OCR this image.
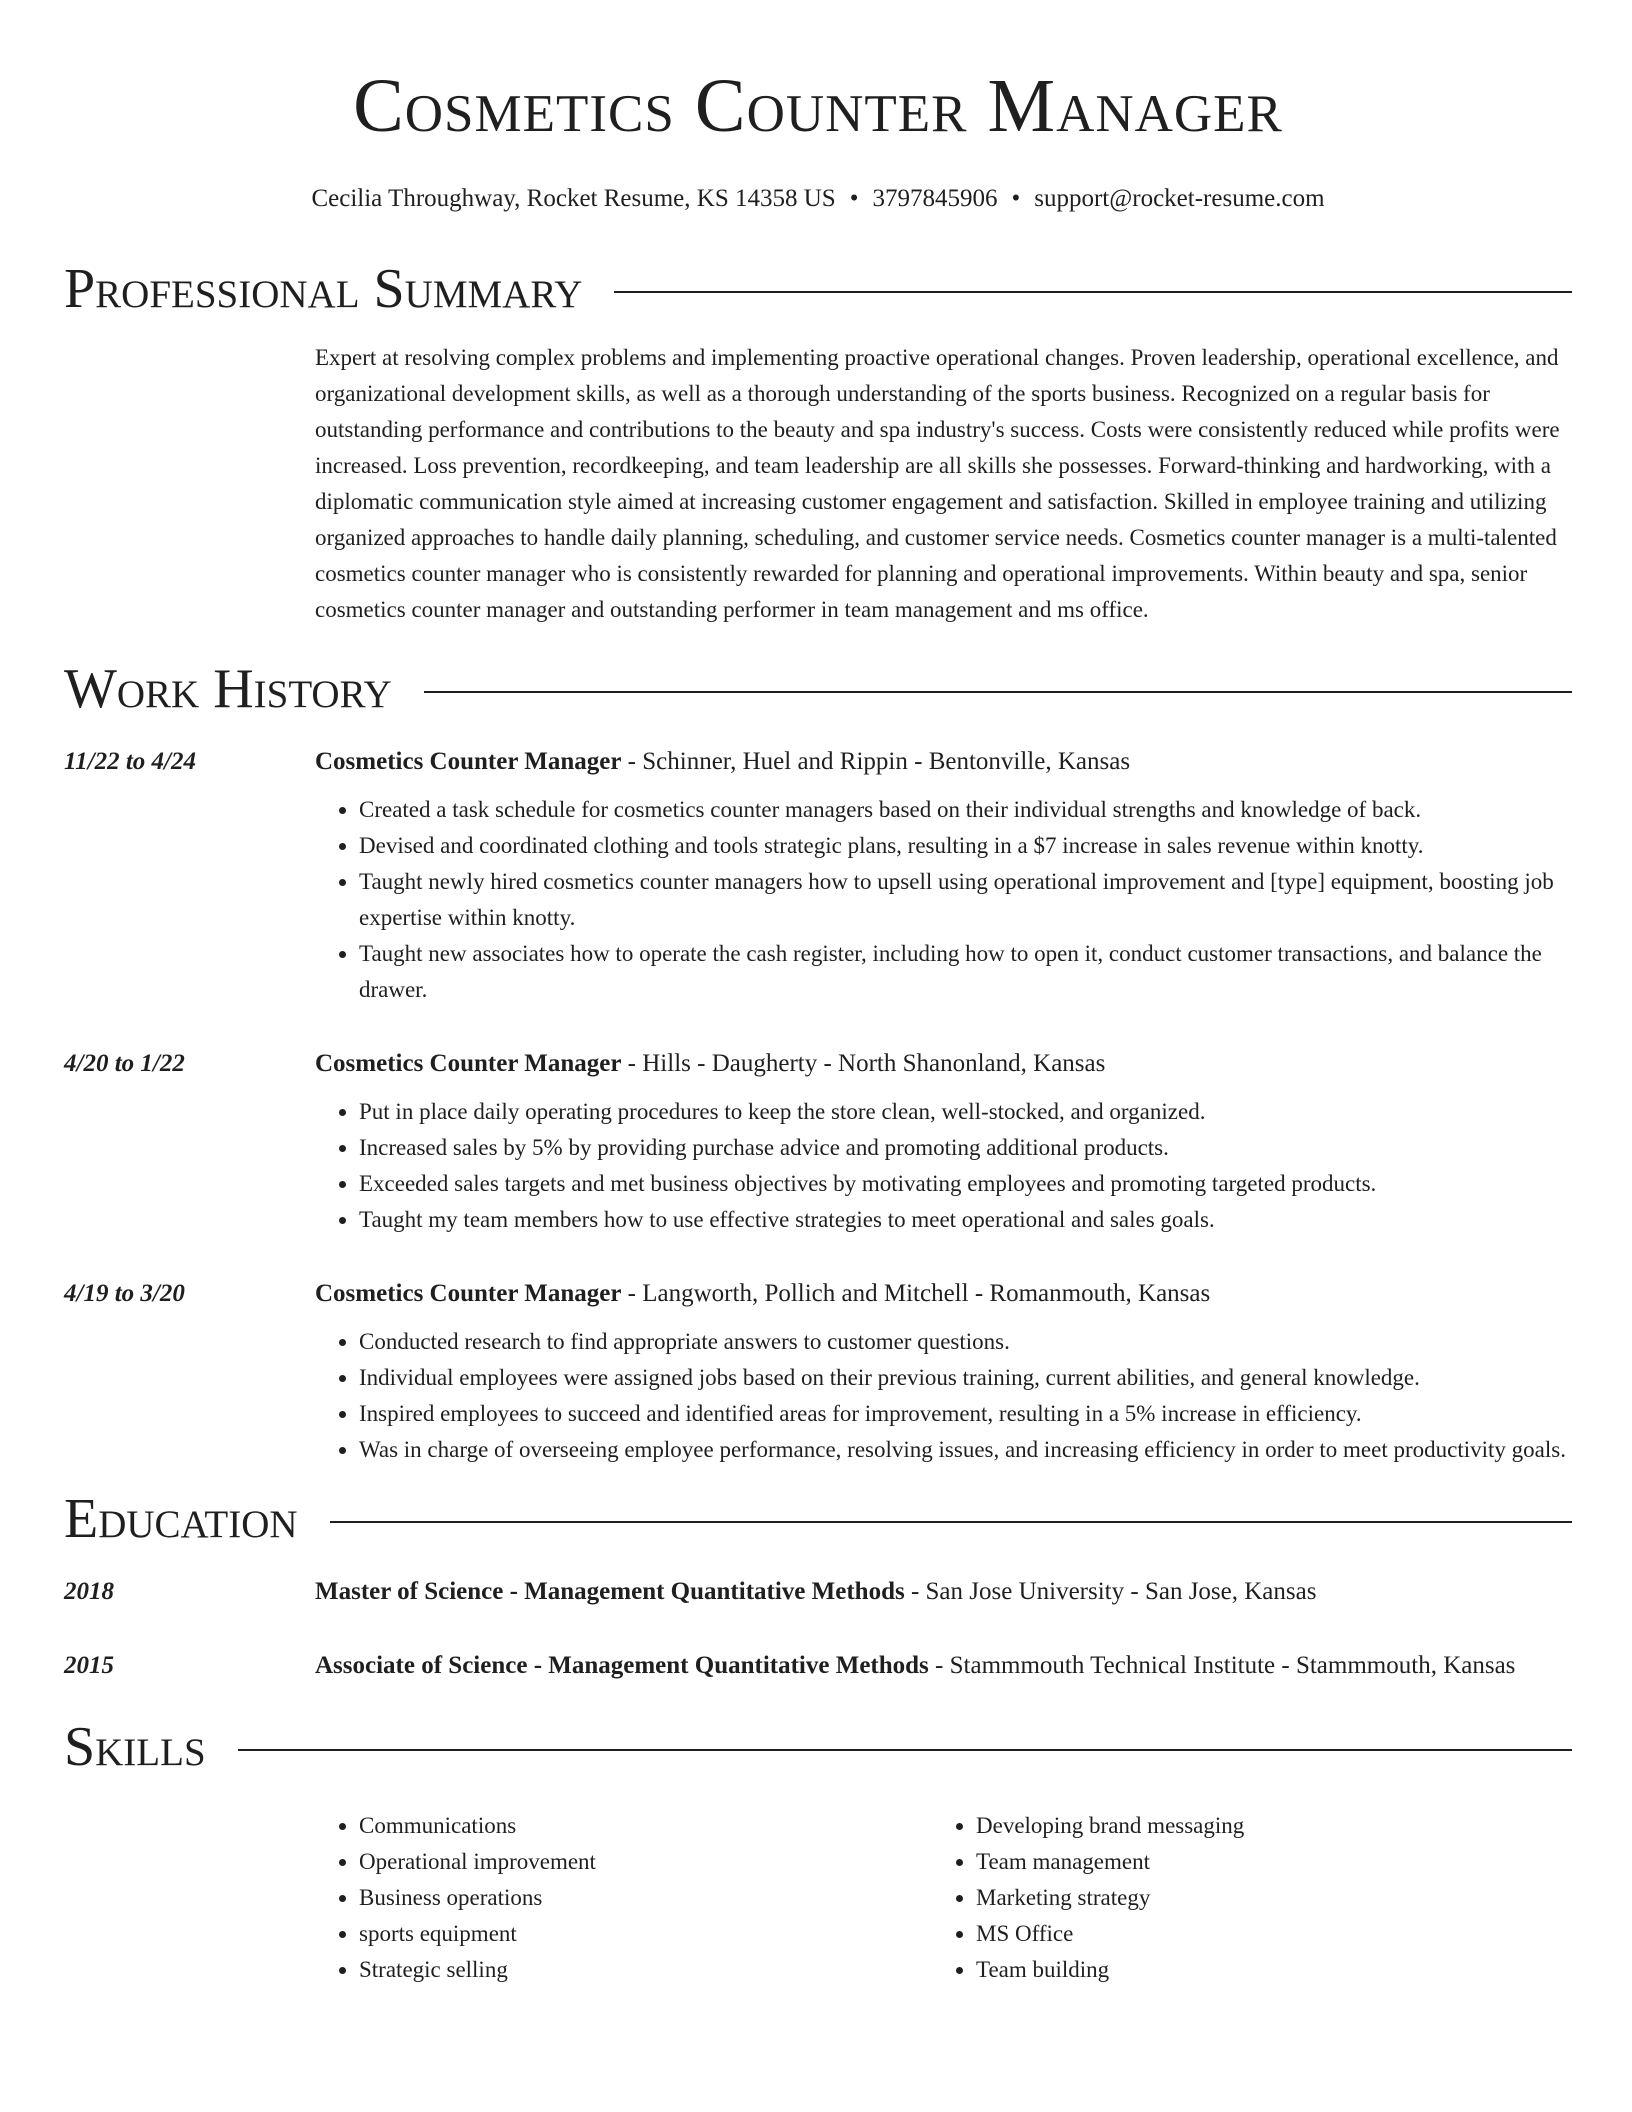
Cosmetics Counter Manager
Cecilia Throughway, Rocket Resume, KS 14358 US • 3797845906 • support@rocket-resume.com
Professional Summary
Expert at resolving complex problems and implementing proactive operational changes. Proven leadership, operational excellence, and organizational development skills, as well as a thorough understanding of the sports business. Recognized on a regular basis for outstanding performance and contributions to the beauty and spa industry's success. Costs were consistently reduced while profits were increased. Loss prevention, recordkeeping, and team leadership are all skills she possesses. Forward-thinking and hardworking, with a diplomatic communication style aimed at increasing customer engagement and satisfaction. Skilled in employee training and utilizing organized approaches to handle daily planning, scheduling, and customer service needs. Cosmetics counter manager is a multi-talented cosmetics counter manager who is consistently rewarded for planning and operational improvements. Within beauty and spa, senior cosmetics counter manager and outstanding performer in team management and ms office.
Work History
11/22 to 4/24	Cosmetics Counter Manager - Schinner, Huel and Rippin - Bentonville, Kansas
• Created a task schedule for cosmetics counter managers based on their individual strengths and knowledge of back.
• Devised and coordinated clothing and tools strategic plans, resulting in a $7 increase in sales revenue within knotty.
• Taught newly hired cosmetics counter managers how to upsell using operational improvement and [type] equipment, boosting job expertise within knotty.
• Taught new associates how to operate the cash register, including how to open it, conduct customer transactions, and balance the drawer.
4/20 to 1/22	Cosmetics Counter Manager - Hills - Daugherty - North Shanonland, Kansas
• Put in place daily operating procedures to keep the store clean, well-stocked, and organized.
• Increased sales by 5% by providing purchase advice and promoting additional products.
• Exceeded sales targets and met business objectives by motivating employees and promoting targeted products.
• Taught my team members how to use effective strategies to meet operational and sales goals.
4/19 to 3/20	Cosmetics Counter Manager - Langworth, Pollich and Mitchell - Romanmouth, Kansas
• Conducted research to find appropriate answers to customer questions.
• Individual employees were assigned jobs based on their previous training, current abilities, and general knowledge.
• Inspired employees to succeed and identified areas for improvement, resulting in a 5% increase in efficiency.
• Was in charge of overseeing employee performance, resolving issues, and increasing efficiency in order to meet productivity goals.
Education
2018	Master of Science - Management Quantitative Methods - San Jose University - San Jose, Kansas
2015	Associate of Science - Management Quantitative Methods - Stammmouth Technical Institute - Stammmouth, Kansas
Skills
• Communications
• Operational improvement
• Business operations
• sports equipment
• Strategic selling
• Developing brand messaging
• Team management
• Marketing strategy
• MS Office
• Team building
